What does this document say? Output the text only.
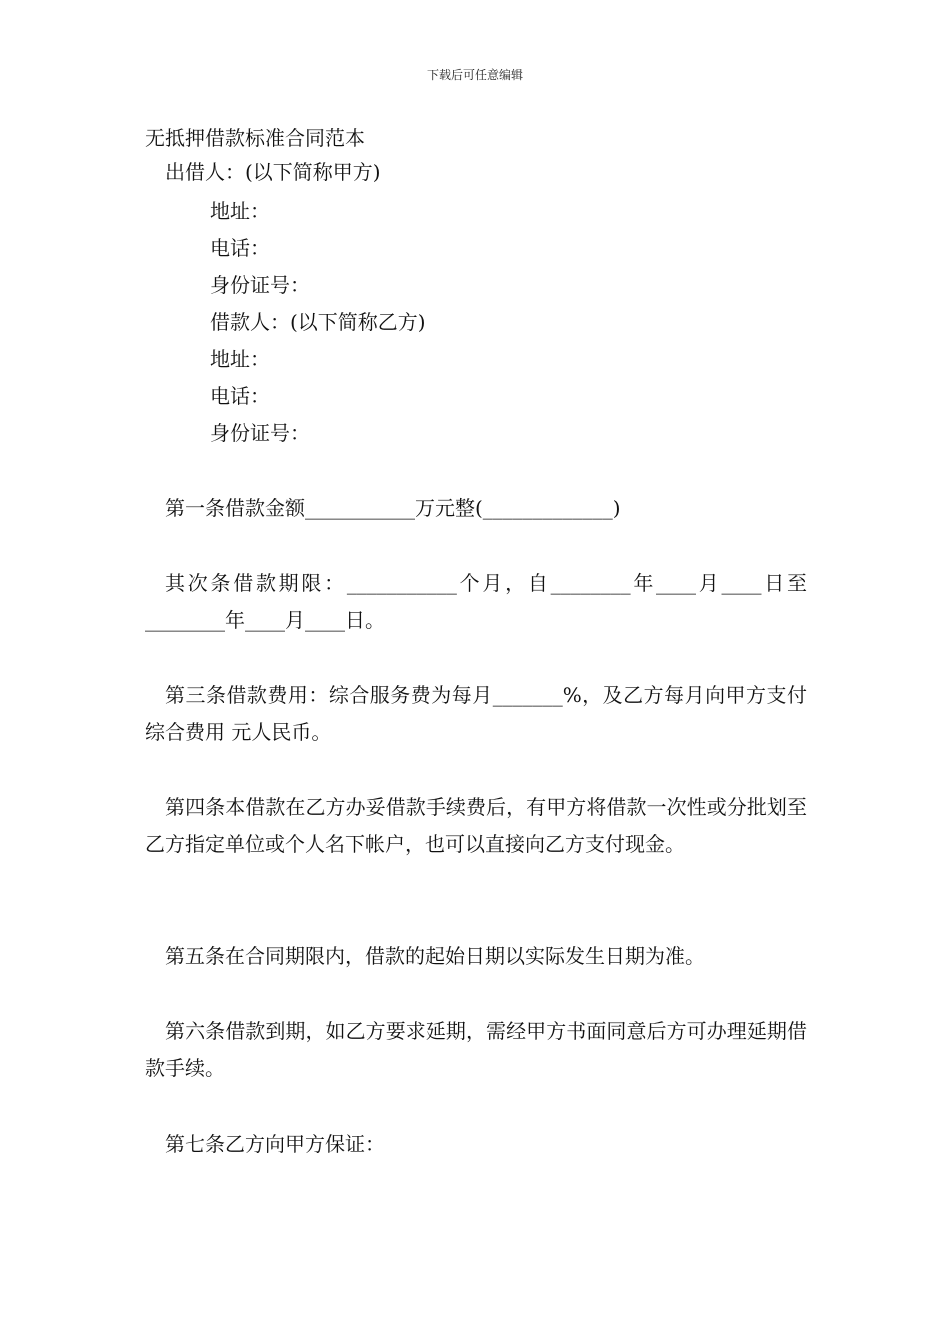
下载后可任意编辑
无抵押借款标准合同范本
出借人：(以下简称甲方)
地址：
电话：
身份证号：
借款人：(以下简称乙方)
地址：
电话：
身份证号：
第一条借款金额___________万元整(_____________)
其次条借款期限：___________个月，自________年____月____日至________年____月____日。
第三条借款费用：综合服务费为每月_______%，及乙方每月向甲方支付综合费用 元人民币。
第四条本借款在乙方办妥借款手续费后，有甲方将借款一次性或分批划至乙方指定单位或个人名下帐户，也可以直接向乙方支付现金。
第五条在合同期限内，借款的起始日期以实际发生日期为准。
第六条借款到期，如乙方要求延期，需经甲方书面同意后方可办理延期借款手续。
第七条乙方向甲方保证：
